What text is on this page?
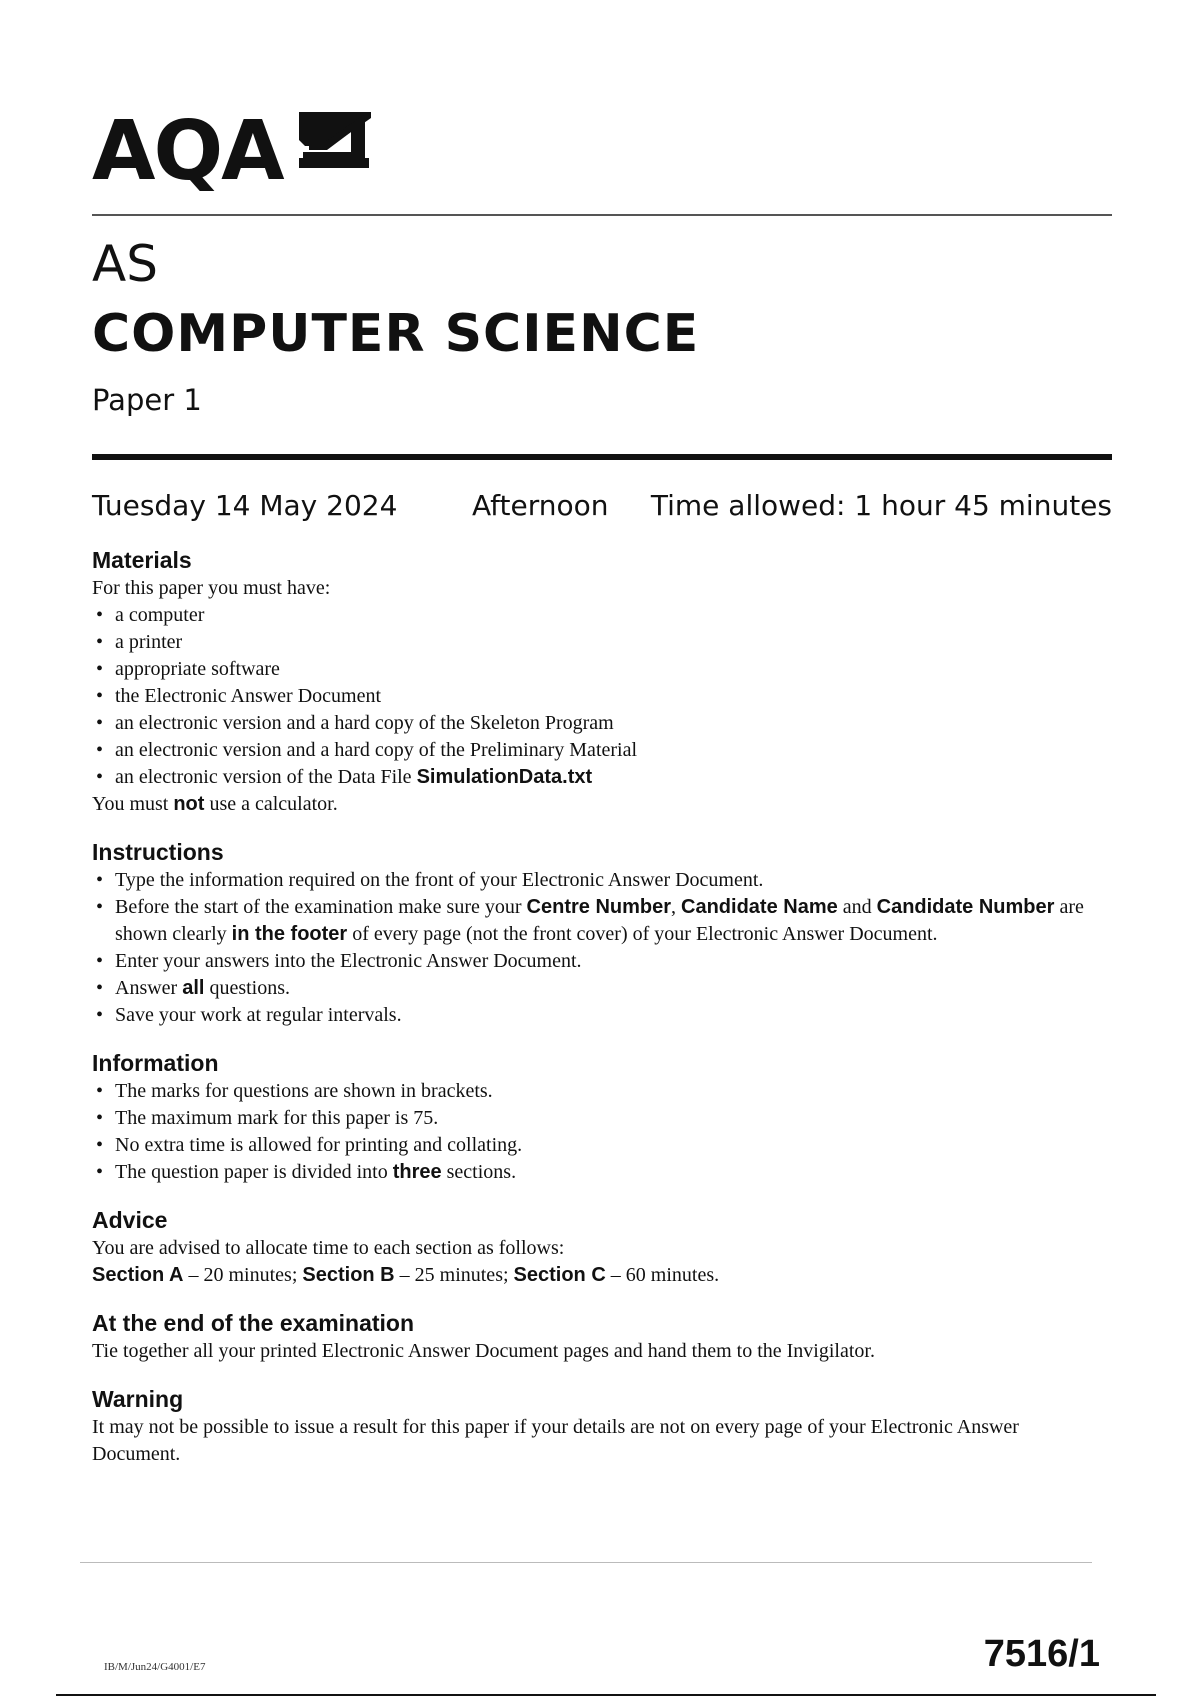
AQA
AS
COMPUTER SCIENCE
Paper 1
Tuesday 14 May 2024	Afternoon Time allowed: 1 hour 45 minutes
Materials

For this paper you must have:

• a computer
• a printer
• appropriate software
• the Electronic Answer Document
• an electronic version and a hard copy of the Skeleton Program
• an electronic version and a hard copy of the Preliminary Material
• an electronic version of the Data File SimulationData.txt

You must not use a calculator.

Instructions
• Type the information required on the front of your Electronic Answer Document.
• Before the start of the examination make sure your Centre Number, Candidate Name and Candidate Number are shown clearly in the footer of every page (not the front cover) of your Electronic Answer Document.
• Enter your answers into the Electronic Answer Document.
• Answer all questions.
• Save your work at regular intervals.
Information
• The marks for questions are shown in brackets.
• The maximum mark for this paper is 75.
• No extra time is allowed for printing and collating.
• The question paper is divided into three sections.
Advice

You are advised to allocate time to each section as follows:

Section A – 20 minutes; Section B – 25 minutes; Section C – 60 minutes.

At the end of the examination

Tie together all your printed Electronic Answer Document pages and hand them to the Invigilator.

Warning

It may not be possible to issue a result for this paper if your details are not on every page of your Electronic Answer Document.

IB/M/Jun24/G4001/E7	7516/1
